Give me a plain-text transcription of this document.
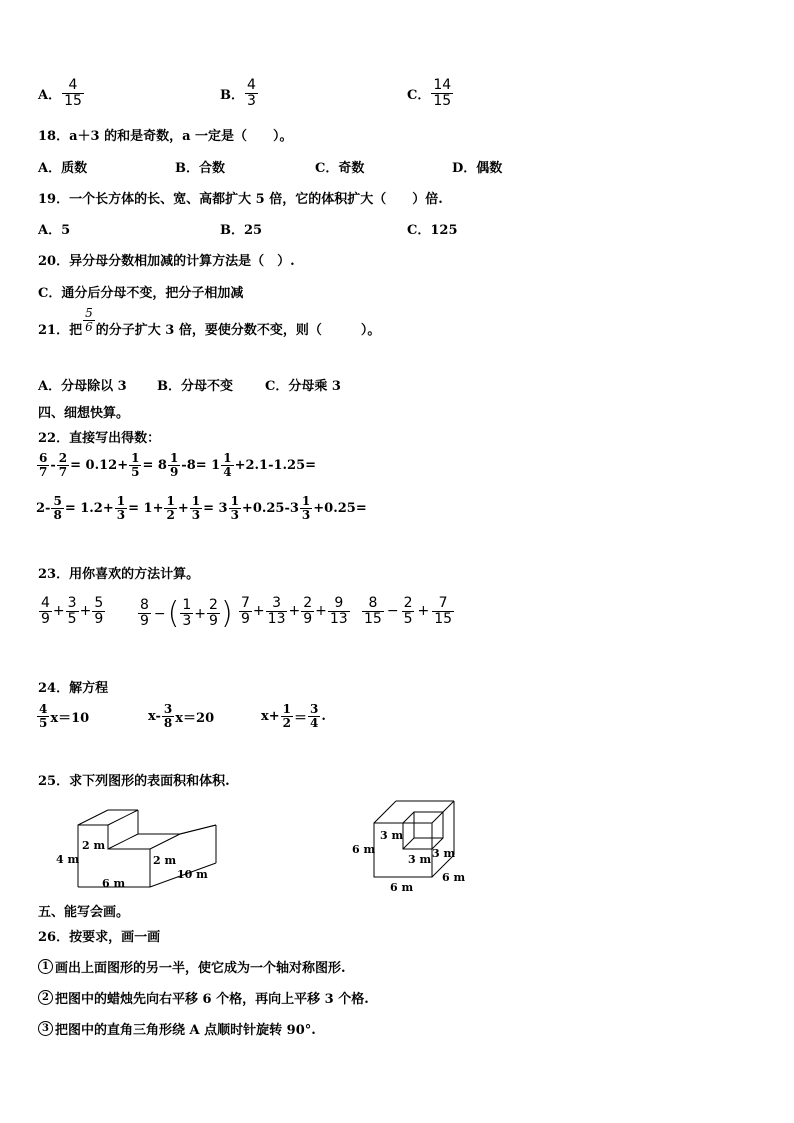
A． $\frac{4}{15}$	B． $\frac{4}{3}$	C． $\frac{14}{15}$
18．a＋3 的和是奇数，a 一定是（　　）。
A．质数	B．合数	C．奇数	D．偶数
19．一个长方体的长、宽、高都扩大 5 倍，它的体积扩大（　　）倍.
A．5	B．25	C．125
20．异分母分数相加减的计算方法是（　）.
C．通分后分母不变，把分子相加减
21．把 $\frac{5}{6}$ 的分子扩大 3 倍，要使分数不变，则（　　　）。
A．分母除以 3 B．分母不变 C．分母乘 3
四、细想快算。
22．直接写出得数：
$\frac{6}{7} - \frac{2}{7} = 0.12+ \frac{1}{5} = 8 \frac{1}{9} -8= 1 \frac{1}{4} +2.1-1.25=$
$2- \frac{5}{8} = 1.2+ \frac{1}{3} = 1+ \frac{1}{2} + \frac{1}{3} = 3 \frac{1}{3} +0.25-3 \frac{1}{3} +0.25=$
23．用你喜欢的方法计算。
$\frac{4}{9} + \frac{3}{5} + \frac{5}{9} \frac{8}{9}$ − ( $\frac{1}{3} + \frac{2}{9}$ ) $\frac{7}{9} + \frac{3}{13} + \frac{2}{9} + \frac{9}{13} \frac{8}{15} - \frac{2}{5} + \frac{7}{15}$
24．解方程
$\frac{4}{5} x=10$	$x- \frac{3}{8} x=20$	$x+ \frac{1}{2} = \frac{3}{4}$ .
25．求下列图形的表面积和体积.
2 m
4 m	2 m
6 m
10 m
3 m
6 m	3 m
3 m
6 m
6 m
五、能写会画。
26．按要求，画一画
1 画出上面图形的另一半，使它成为一个轴对称图形.
2 把图中的蜡烛先向右平移 6 个格，再向上平移 3 个格.
3 把图中的直角三角形绕 A 点顺时针旋转 90°.
